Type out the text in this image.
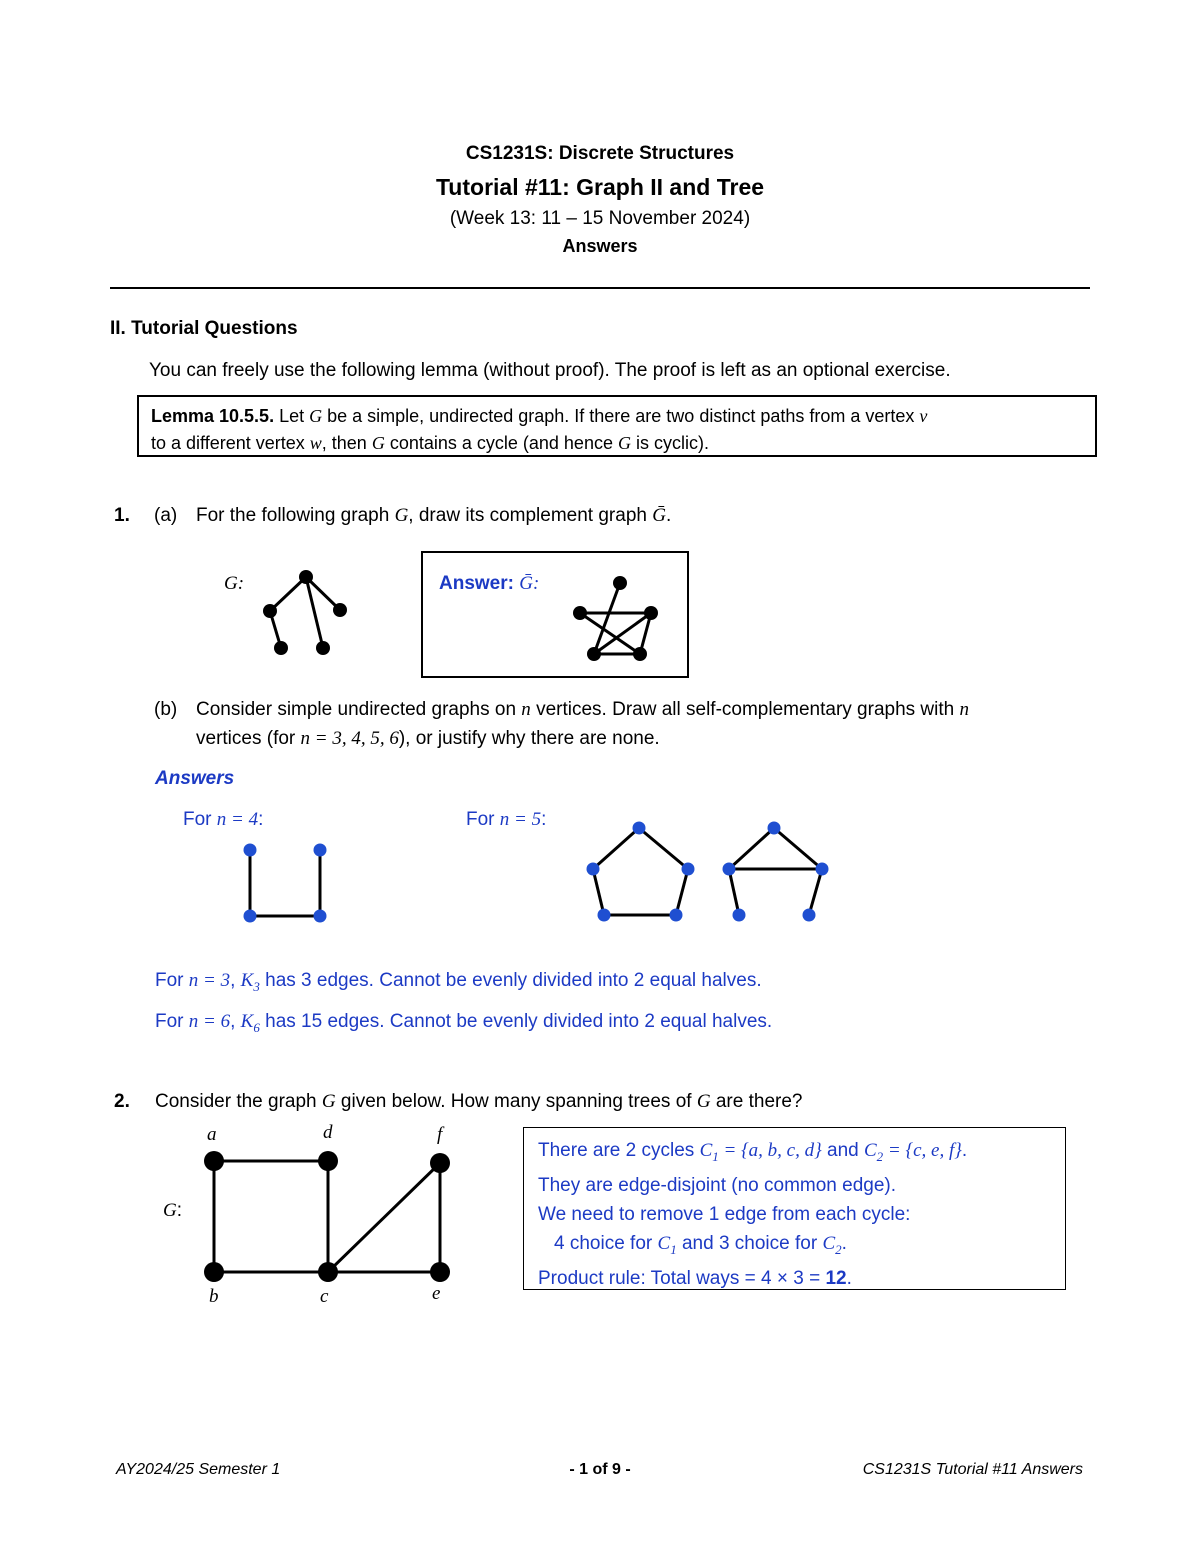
CS1231S: Discrete Structures
Tutorial #11: Graph II and Tree
(Week 13: 11 – 15 November 2024)
Answers
II. Tutorial Questions
You can freely use the following lemma (without proof). The proof is left as an optional exercise.
Lemma 10.5.5. Let G be a simple, undirected graph. If there are two distinct paths from a vertex v
to a different vertex w, then G contains a cycle (and hence G is cyclic).
1. (a) For the following graph G, draw its complement graph Ḡ.
G:	Answer: Ḡ:
(b) Consider simple undirected graphs on n vertices. Draw all self-complementary graphs with n
vertices (for n = 3, 4, 5, 6), or justify why there are none.
Answers
For n = 4:	For n = 5:
For n = 3, $K_3$ has 3 edges. Cannot be evenly divided into 2 equal halves.
For n = 6, $K_6$ has 15 edges. Cannot be evenly divided into 2 equal halves.
2. Consider the graph G given below. How many spanning trees of G are there?
G:
a	d	f
b	c	e
There are 2 cycles $C_1 = \{a$, b, c, d} and $C_2 = \{c$, e, f}.
They are edge-disjoint (no common edge).
We need to remove 1 edge from each cycle:
4 choice for $C_1$ and 3 choice for $C_2$.
Product rule: Total ways = 4 × 3 = 12.
AY2024/25 Semester 1	- 1 of 9 -	CS1231S Tutorial #11 Answers
